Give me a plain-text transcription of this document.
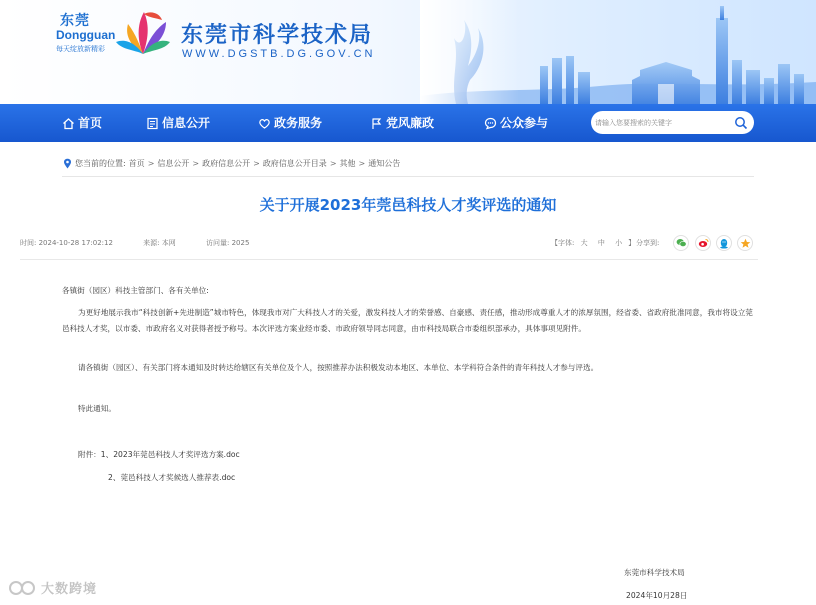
东莞
Dongguan
每天绽放新精彩
东莞市科学技术局
WWW.DGSTB.DG.GOV.CN
首页	信息公开	政务服务	党风廉政	公众参与
请输入您要搜索的关键字
您当前的位置: 首页 > 信息公开 > 政府信息公开 > 政府信息公开目录 > 其他 > 通知公告
关于开展2023年莞邑科技人才奖评选的通知
时间: 2024-10-28 17:02:12	来源: 本网	访问量: 2025	【字体: 大 中 小 】 分享到:
各镇街（园区）科技主管部门、各有关单位:

为更好地展示我市“科技创新+先进制造”城市特色，体现我市对广大科技人才的关爱，激发科技人才的荣誉感、自豪感、责任感，推动形成尊重人才的浓厚氛围，经省委、省政府批准同意，我市将设立莞邑科技人才奖，以市委、市政府名义对获得者授予称号。本次评选方案业经市委、市政府领导同志同意，由市科技局联合市委组织部承办，具体事项见附件。

请各镇街（园区）、有关部门将本通知及时转达给辖区有关单位及个人，按照推荐办法积极发动本地区、本单位、本学科符合条件的青年科技人才参与评选。

特此通知。

附件：1、2023年莞邑科技人才奖评选方案.doc
2、莞邑科技人才奖候选人推荐表.doc
东莞市科学技术局
2024年10月28日
大数跨境
